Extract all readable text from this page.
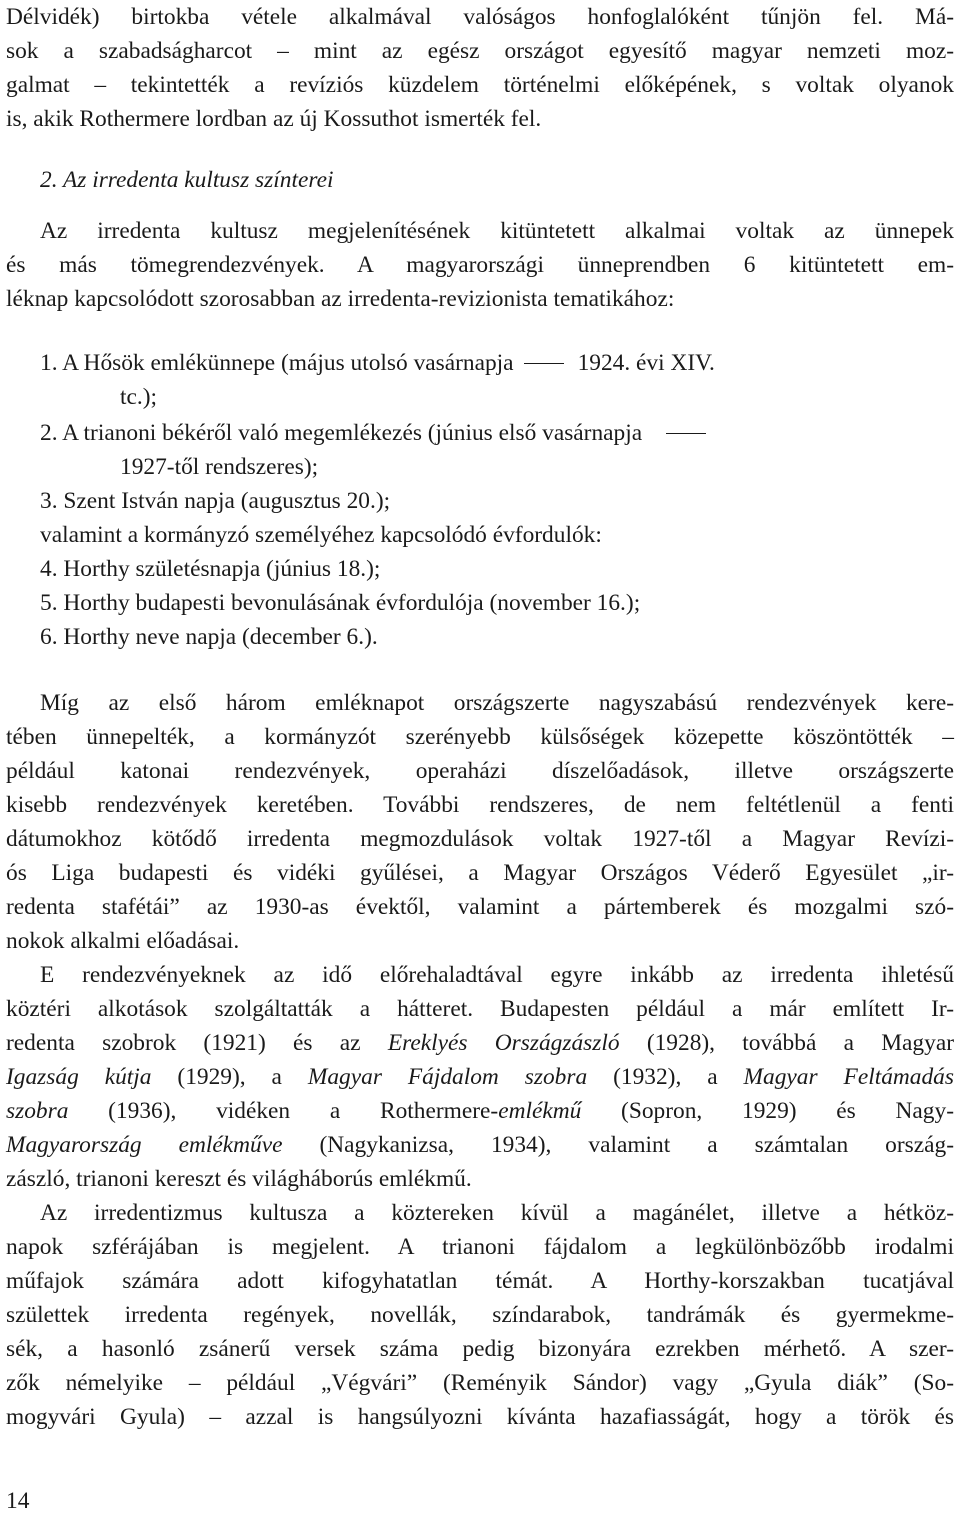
Délvidék) birtokba vétele alkalmával valóságos honfoglalóként tűnjön fel. Má-
sok a szabadságharcot – mint az egész országot egyesítő magyar nemzeti moz-
galmat – tekintették a revíziós küzdelem történelmi előképének, s voltak olyanok
is, akik Rothermere lordban az új Kossuthot ismerték fel.
2. Az irredenta kultusz színterei
Az irredenta kultusz megjelenítésének kitüntetett alkalmai voltak az ünnepek
és más tömegrendezvények. A magyarországi ünneprendben 6 kitüntetett em-
léknap kapcsolódott szorosabban az irredenta-revizionista tematikához:
1. A Hősök emlékünnepe (május utolsó vasárnapja	1924. évi XIV.
tc.);
2. A trianoni békéről való megemlékezés (június első vasárnapja
1927-től rendszeres);
3. Szent István napja (augusztus 20.);
valamint a kormányzó személyéhez kapcsolódó évfordulók:
4. Horthy születésnapja (június 18.);
5. Horthy budapesti bevonulásának évfordulója (november 16.);
6. Horthy neve napja (december 6.).
Míg az első három emléknapot országszerte nagyszabású rendezvények kere-
tében ünnepelték, a kormányzót szerényebb külsőségek közepette köszöntötték –
például katonai rendezvények, operaházi díszelőadások, illetve országszerte
kisebb rendezvények keretében. További rendszeres, de nem feltétlenül a fenti
dátumokhoz kötődő irredenta megmozdulások voltak 1927-től a Magyar Revízi-
ós Liga budapesti és vidéki gyűlései, a Magyar Országos Véderő Egyesület „ir-
redenta stafétái” az 1930-as évektől, valamint a pártemberek és mozgalmi szó-
nokok alkalmi előadásai.
E rendezvényeknek az idő előrehaladtával egyre inkább az irredenta ihletésű
köztéri alkotások szolgáltatták a hátteret. Budapesten például a már említett Ir-
redenta szobrok (1921) és az Ereklyés Országzászló (1928), továbbá a Magyar
Igazság kútja (1929), a Magyar Fájdalom szobra (1932), a Magyar Feltámadás
szobra (1936), vidéken a Rothermere-emlékmű (Sopron, 1929) és Nagy-
Magyarország emlékműve (Nagykanizsa, 1934), valamint a számtalan ország-
zászló, trianoni kereszt és világháborús emlékmű.
Az irredentizmus kultusza a köztereken kívül a magánélet, illetve a hétköz-
napok szférájában is megjelent. A trianoni fájdalom a legkülönbözőbb irodalmi
műfajok számára adott kifogyhatatlan témát. A Horthy-korszakban tucatjával
születtek irredenta regények, novellák, színdarabok, tandrámák és gyermekme-
sék, a hasonló zsánerű versek száma pedig bizonyára ezrekben mérhető. A szer-
zők némelyike – például „Végvári” (Reményik Sándor) vagy „Gyula diák” (So-
mogyvári Gyula) – azzal is hangsúlyozni kívánta hazafiasságát, hogy a török és
14
